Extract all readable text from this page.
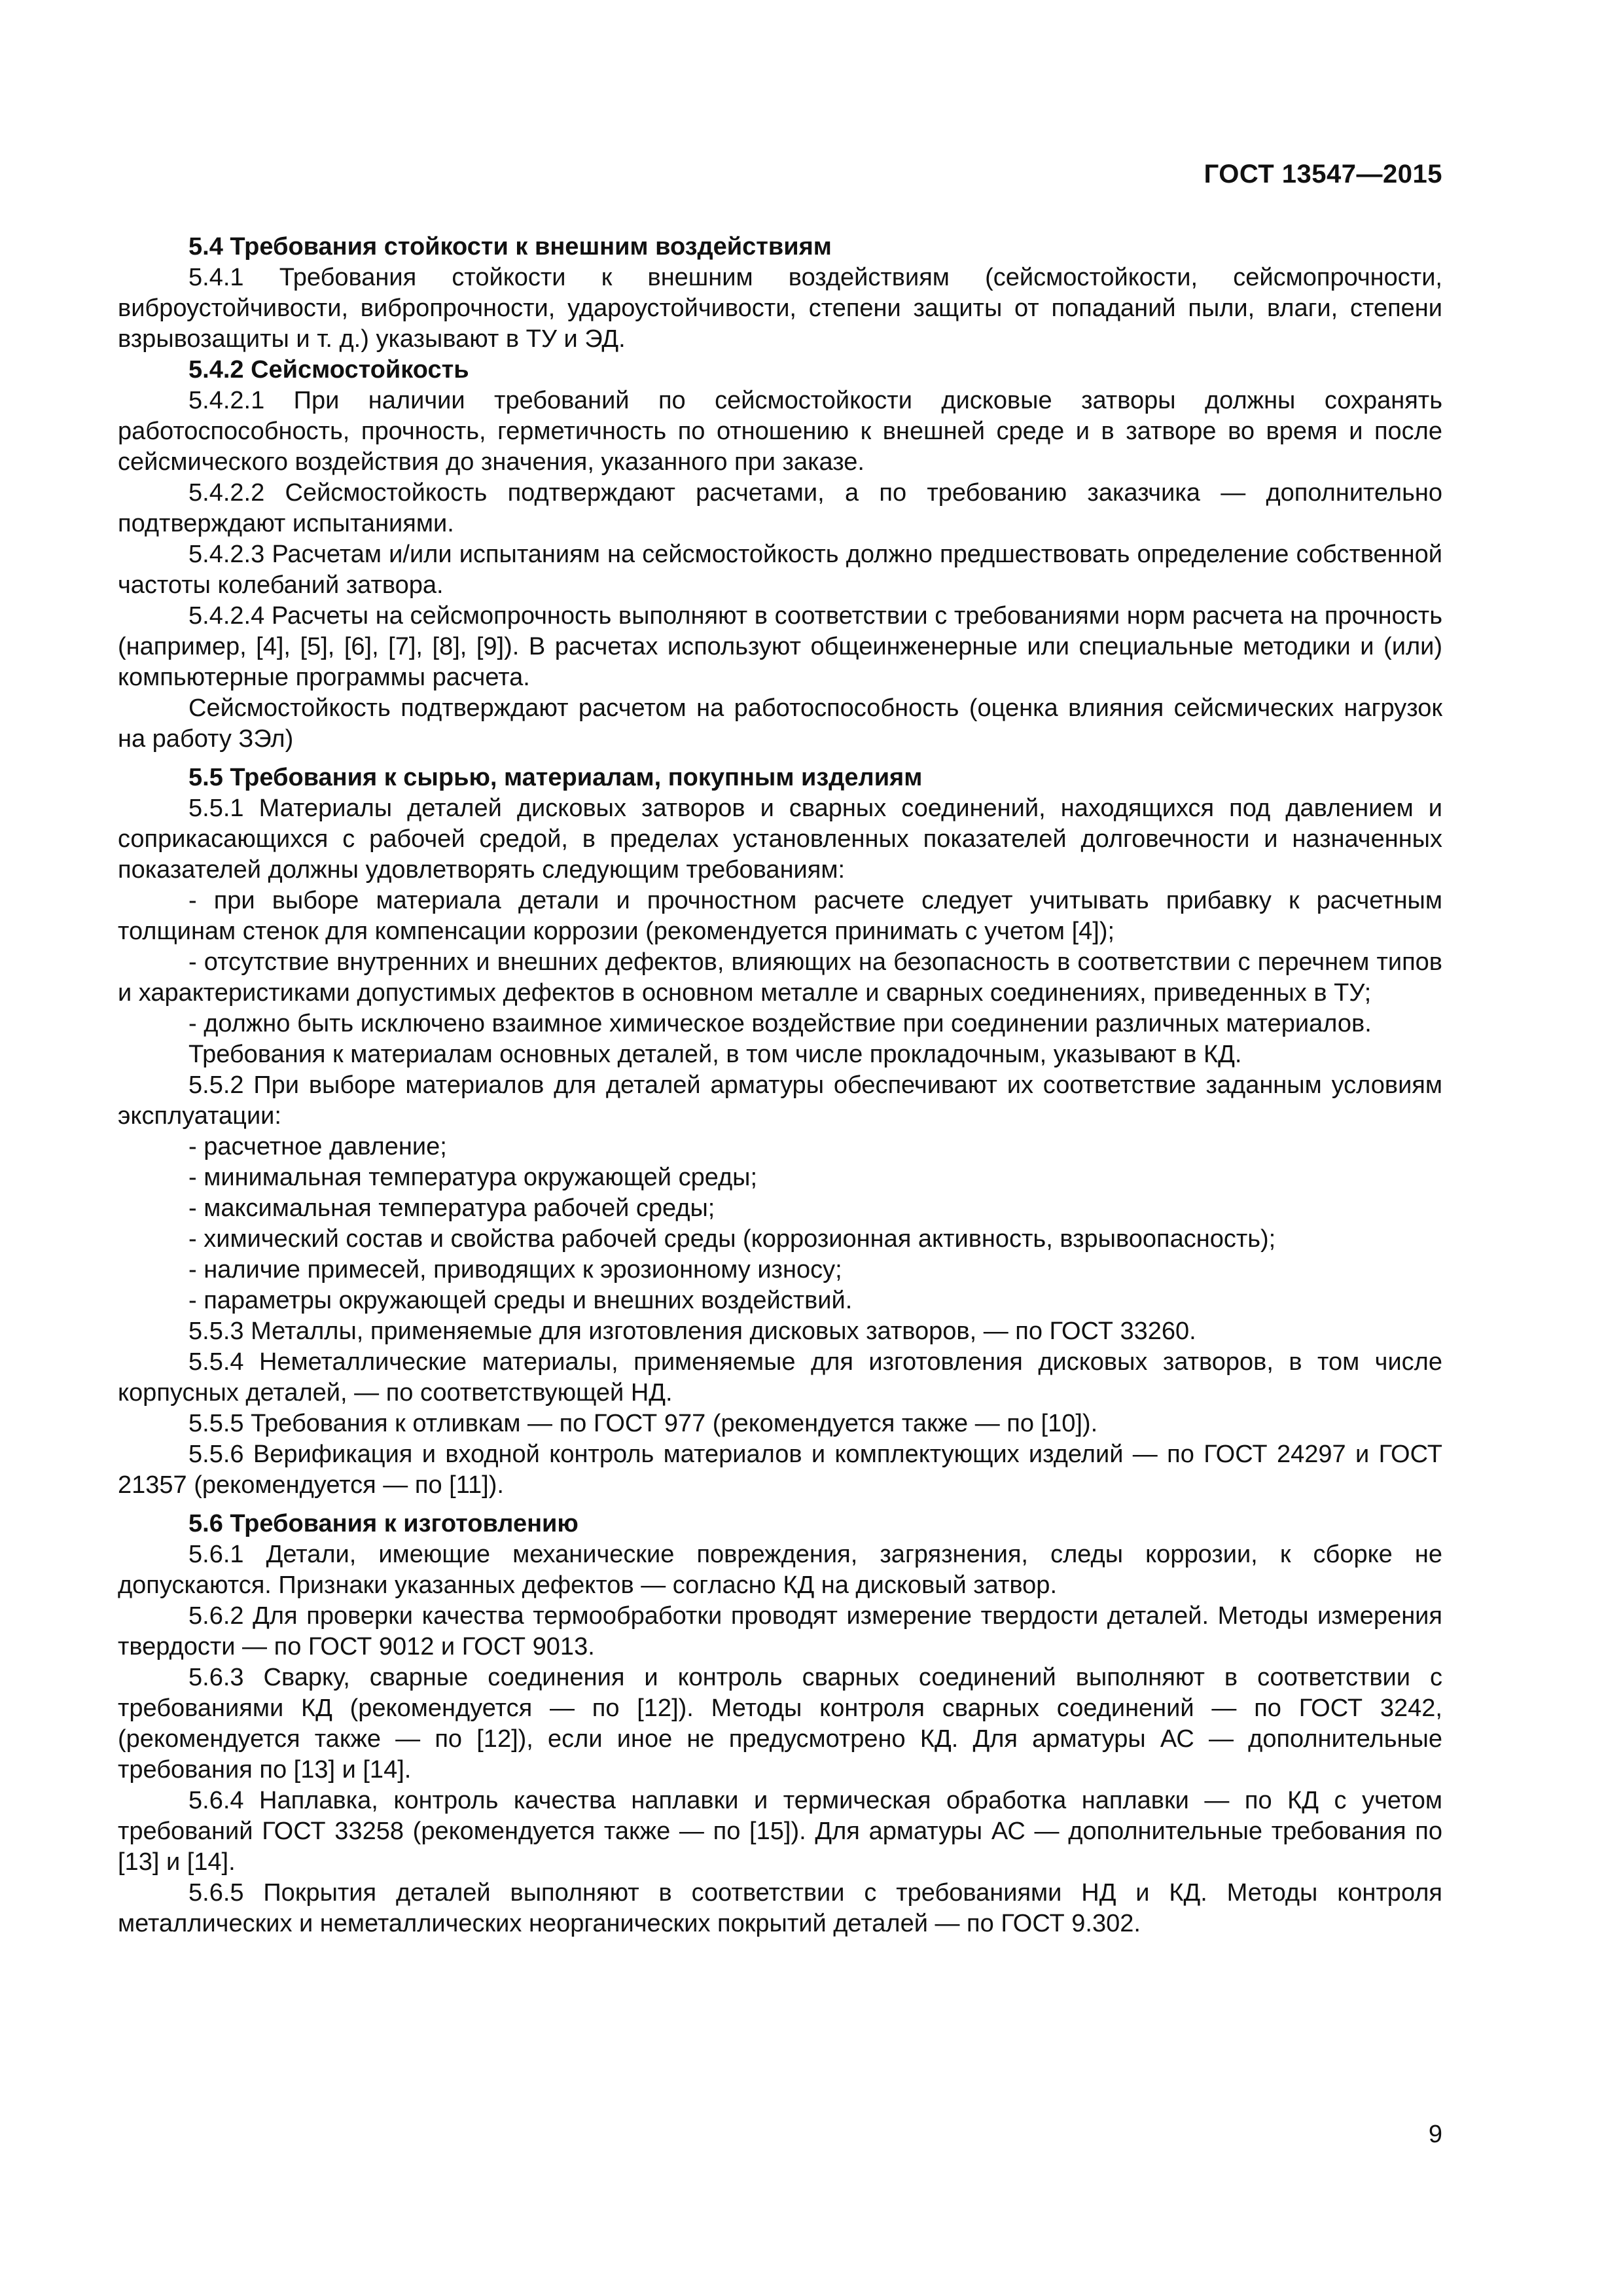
ГОСТ 13547—2015

5.4 Требования стойкости к внешним воздействиям

5.4.1 Требования стойкости к внешним воздействиям (сейсмостойкости, сейсмопрочности, виброустойчивости, вибропрочности, удароустойчивости, степени защиты от попаданий пыли, влаги, степени взрывозащиты и т. д.) указывают в ТУ и ЭД.

5.4.2 Сейсмостойкость

5.4.2.1 При наличии требований по сейсмостойкости дисковые затворы должны сохранять работоспособность, прочность, герметичность по отношению к внешней среде и в затворе во время и после сейсмического воздействия до значения, указанного при заказе.

5.4.2.2 Сейсмостойкость подтверждают расчетами, а по требованию заказчика — дополнительно подтверждают испытаниями.

5.4.2.3 Расчетам и/или испытаниям на сейсмостойкость должно предшествовать определение собственной частоты колебаний затвора.

5.4.2.4 Расчеты на сейсмопрочность выполняют в соответствии с требованиями норм расчета на прочность (например, [4], [5], [6], [7], [8], [9]). В расчетах используют общеинженерные или специальные методики и (или) компьютерные программы расчета.

Сейсмостойкость подтверждают расчетом на работоспособность (оценка влияния сейсмических нагрузок на работу ЗЭл)

5.5 Требования к сырью, материалам, покупным изделиям

5.5.1 Материалы деталей дисковых затворов и сварных соединений, находящихся под давлением и соприкасающихся с рабочей средой, в пределах установленных показателей долговечности и назначенных показателей должны удовлетворять следующим требованиям:

- при выборе материала детали и прочностном расчете следует учитывать прибавку к расчетным толщинам стенок для компенсации коррозии (рекомендуется принимать с учетом [4]);

- отсутствие внутренних и внешних дефектов, влияющих на безопасность в соответствии с перечнем типов и характеристиками допустимых дефектов в основном металле и сварных соединениях, приведенных в ТУ;

- должно быть исключено взаимное химическое воздействие при соединении различных материалов.

Требования к материалам основных деталей, в том числе прокладочным, указывают в КД.

5.5.2 При выборе материалов для деталей арматуры обеспечивают их соответствие заданным условиям эксплуатации:

- расчетное давление;

- минимальная температура окружающей среды;

- максимальная температура рабочей среды;

- химический состав и свойства рабочей среды (коррозионная активность, взрывоопасность);

- наличие примесей, приводящих к эрозионному износу;

- параметры окружающей среды и внешних воздействий.

5.5.3 Металлы, применяемые для изготовления дисковых затворов, — по ГОСТ 33260.

5.5.4 Неметаллические материалы, применяемые для изготовления дисковых затворов, в том числе корпусных деталей, — по соответствующей НД.

5.5.5 Требования к отливкам — по ГОСТ 977 (рекомендуется также — по [10]).

5.5.6 Верификация и входной контроль материалов и комплектующих изделий — по ГОСТ 24297 и ГОСТ 21357 (рекомендуется — по [11]).

5.6 Требования к изготовлению

5.6.1 Детали, имеющие механические повреждения, загрязнения, следы коррозии, к сборке не допускаются. Признаки указанных дефектов — согласно КД на дисковый затвор.

5.6.2 Для проверки качества термообработки проводят измерение твердости деталей. Методы измерения твердости — по ГОСТ 9012 и ГОСТ 9013.

5.6.3 Сварку, сварные соединения и контроль сварных соединений выполняют в соответствии с требованиями КД (рекомендуется — по [12]). Методы контроля сварных соединений — по ГОСТ 3242, (рекомендуется также — по [12]), если иное не предусмотрено КД. Для арматуры АС — дополнительные требования по [13] и [14].

5.6.4 Наплавка, контроль качества наплавки и термическая обработка наплавки — по КД с учетом требований ГОСТ 33258 (рекомендуется также — по [15]). Для арматуры АС — дополнительные требования по [13] и [14].

5.6.5 Покрытия деталей выполняют в соответствии с требованиями НД и КД. Методы контроля металлических и неметаллических неорганических покрытий деталей — по ГОСТ 9.302.

9
